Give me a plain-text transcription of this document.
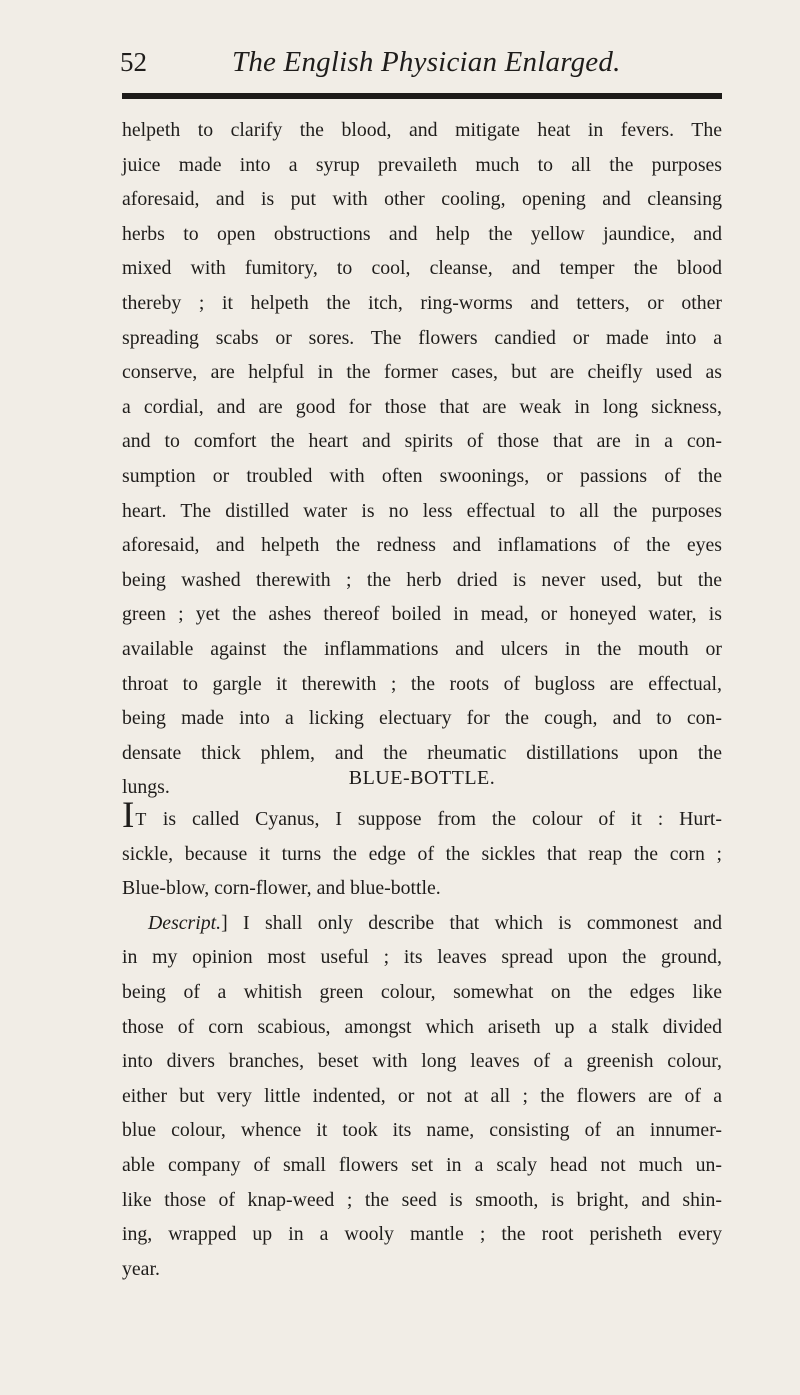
52	The English Physician Enlarged.
helpeth to clarify the blood, and mitigate heat in fevers. The
juice made into a syrup prevaileth much to all the purposes
aforesaid, and is put with other cooling, opening and cleansing
herbs to open obstructions and help the yellow jaundice, and
mixed with fumitory, to cool, cleanse, and temper the blood
thereby ; it helpeth the itch, ring-worms and tetters, or other
spreading scabs or sores. The flowers candied or made into a
conserve, are helpful in the former cases, but are cheifly used as
a cordial, and are good for those that are weak in long sickness,
and to comfort the heart and spirits of those that are in a con-
sumption or troubled with often swoonings, or passions of the
heart. The distilled water is no less effectual to all the purposes
aforesaid, and helpeth the redness and inflamations of the eyes
being washed therewith ; the herb dried is never used, but the
green ; yet the ashes thereof boiled in mead, or honeyed water, is
available against the inflammations and ulcers in the mouth or
throat to gargle it therewith ; the roots of bugloss are effectual,
being made into a licking electuary for the cough, and to con-
densate thick phlem, and the rheumatic distillations upon the
lungs.	BLUE-BOTTLE.
IT is called Cyanus, I suppose from the colour of it : Hurt-
sickle, because it turns the edge of the sickles that reap the corn ;
Blue-blow, corn-flower, and blue-bottle.
Descript.] I shall only describe that which is commonest and
in my opinion most useful ; its leaves spread upon the ground,
being of a whitish green colour, somewhat on the edges like
those of corn scabious, amongst which ariseth up a stalk divided
into divers branches, beset with long leaves of a greenish colour,
either but very little indented, or not at all ; the flowers are of a
blue colour, whence it took its name, consisting of an innumer-
able company of small flowers set in a scaly head not much un-
like those of knap-weed ; the seed is smooth, is bright, and shin-
ing, wrapped up in a wooly mantle ; the root perisheth every
year.
